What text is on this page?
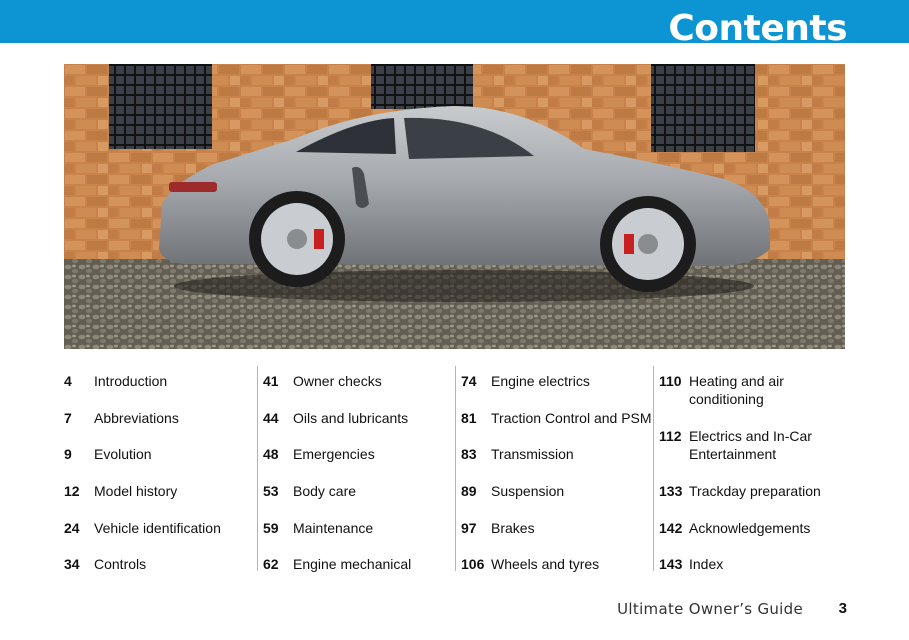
Contents
4	Introduction
7	Abbreviations
9	Evolution
12	Model history
24	Vehicle identification
34	Controls
41	Owner checks
44	Oils and lubricants
48	Emergencies
53	Body care
59	Maintenance
62	Engine mechanical
74	Engine electrics
81	Traction Control and PSM
83	Transmission
89	Suspension
97	Brakes
106 Wheels and tyres
110 Heating and air conditioning
112 Electrics and In-Car Entertainment
133 Trackday preparation
142 Acknowledgements
143 Index
Ultimate Owner’s Guide 3
